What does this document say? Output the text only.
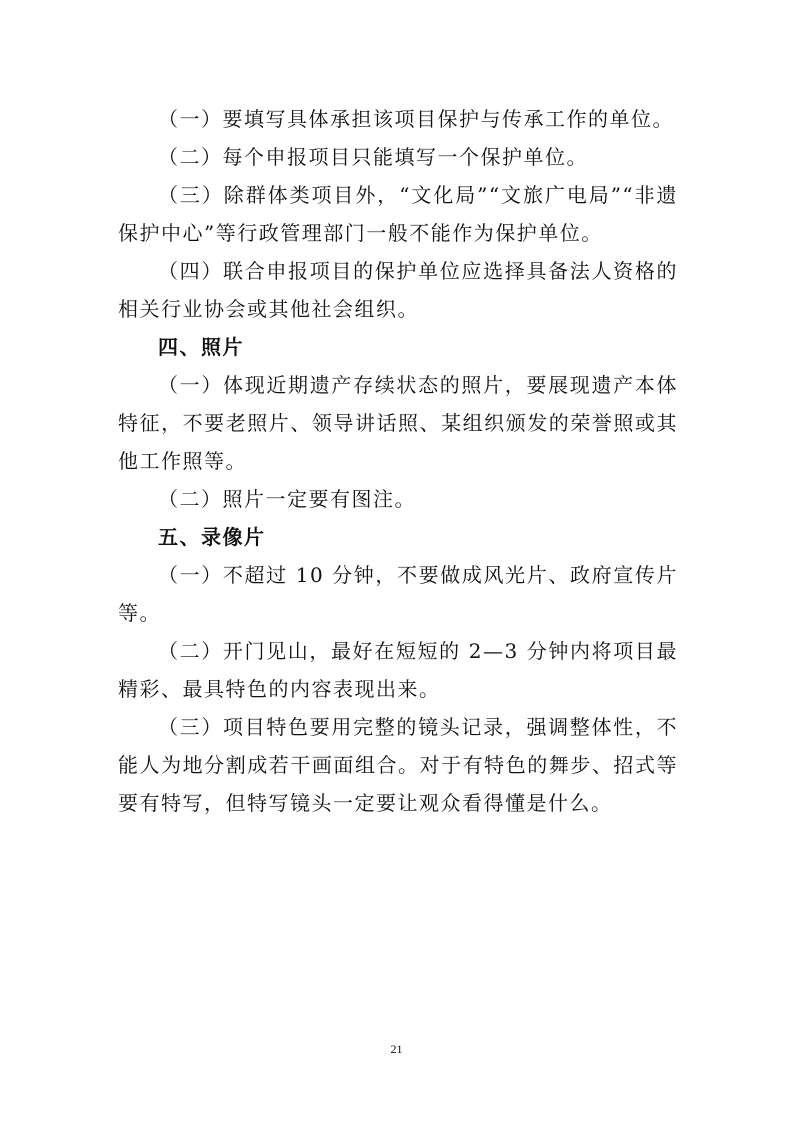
（一）要填写具体承担该项目保护与传承工作的单位。

（二）每个申报项目只能填写一个保护单位。

（三）除群体类项目外，“文化局”“文旅广电局”“非遗保护中心”等行政管理部门一般不能作为保护单位。

（四）联合申报项目的保护单位应选择具备法人资格的相关行业协会或其他社会组织。

四、照片

（一）体现近期遗产存续状态的照片，要展现遗产本体特征，不要老照片、领导讲话照、某组织颁发的荣誉照或其他工作照等。

（二）照片一定要有图注。

五、录像片

（一）不超过 10 分钟，不要做成风光片、政府宣传片等。

（二）开门见山，最好在短短的 2—3 分钟内将项目最精彩、最具特色的内容表现出来。

（三）项目特色要用完整的镜头记录，强调整体性，不能人为地分割成若干画面组合。对于有特色的舞步、招式等要有特写，但特写镜头一定要让观众看得懂是什么。

21
